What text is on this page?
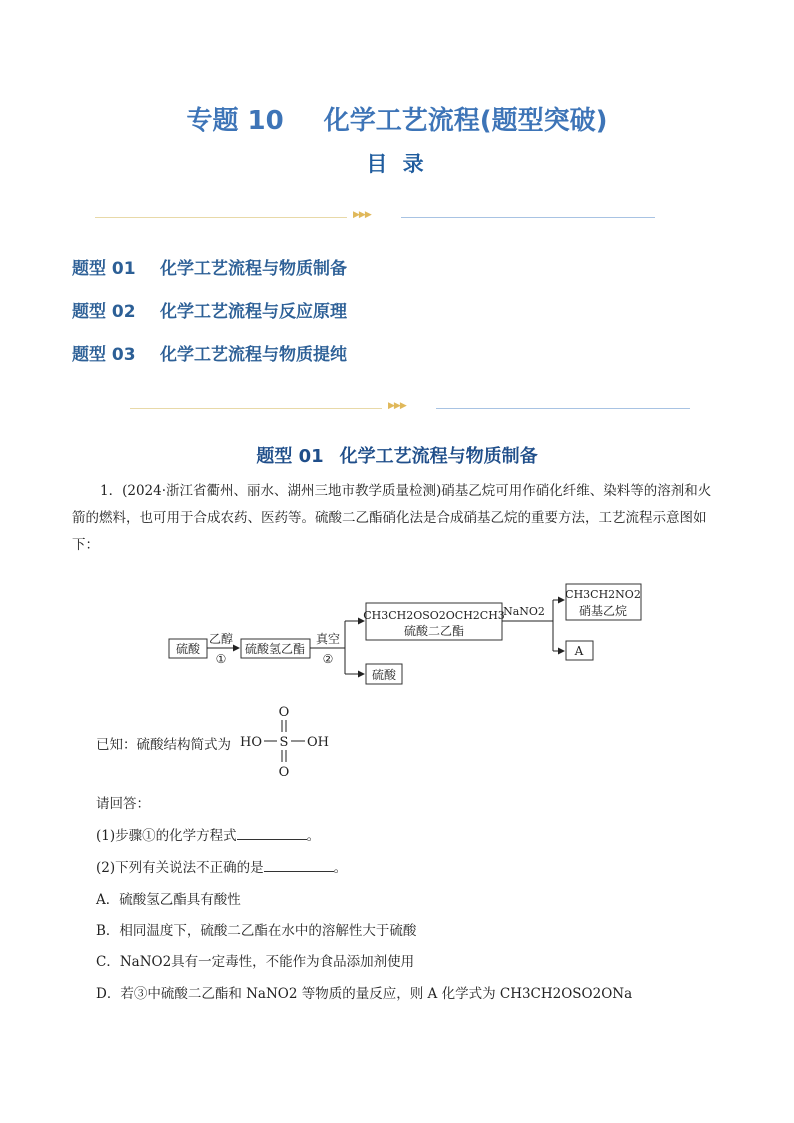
专题 10 化学工艺流程(题型突破)
目 录
▶▶▶
题型 01 化学工艺流程与物质制备
题型 02 化学工艺流程与反应原理
题型 03 化学工艺流程与物质提纯
▶▶▶
题型 01 化学工艺流程与物质制备
1．(2024·浙江省衢州、丽水、湖州三地市教学质量检测)硝基乙烷可用作硝化纤维、染料等的溶剂和火箭的燃料，也可用于合成农药、医药等。硫酸二乙酯硝化法是合成硝基乙烷的重要方法，工艺流程示意图如下：
硫酸
乙醇
①
硫酸氢乙酯
真空
②
CH3CH2OSO2OCH2CH3
硫酸二乙酯
硫酸
NaNO2
CH3CH2NO2
硝基乙烷
A
已知：硫酸结构简式为
O
HO S OH
O
请回答：
(1)步骤①的化学方程式	。
(2)下列有关说法不正确的是	。
A．硫酸氢乙酯具有酸性
B．相同温度下，硫酸二乙酯在水中的溶解性大于硫酸
C．NaNO2具有一定毒性，不能作为食品添加剂使用
D．若③中硫酸二乙酯和 NaNO2 等物质的量反应，则 A 化学式为 CH3CH2OSO2ONa
